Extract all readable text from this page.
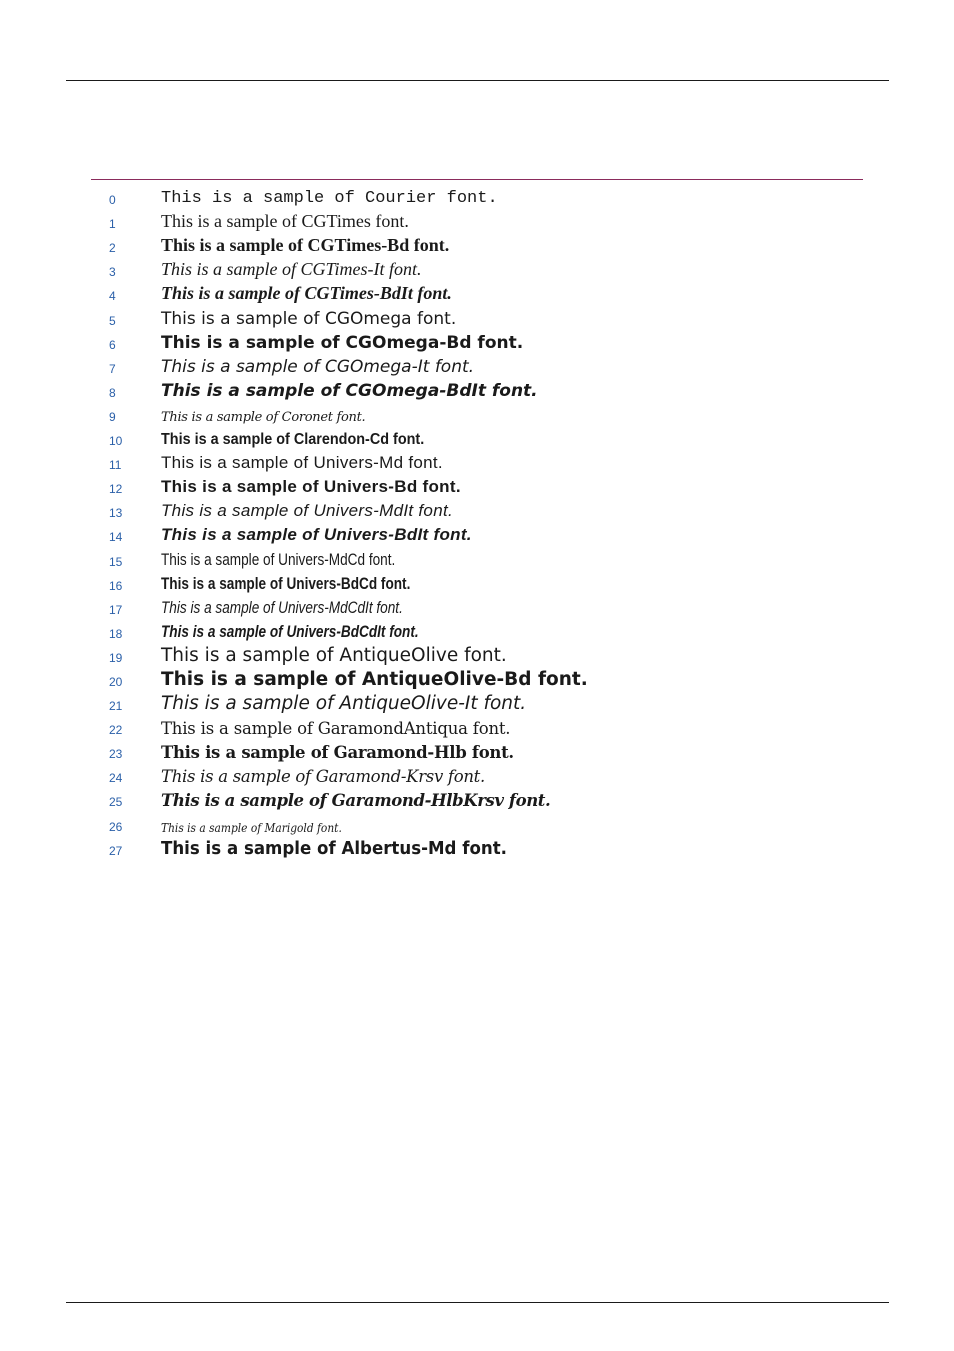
0	This is a sample of Courier font.
1	This is a sample of CGTimes font.
2	This is a sample of CGTimes-Bd font.
3	This is a sample of CGTimes-It font.
4	This is a sample of CGTimes-BdIt font.
5	This is a sample of CGOmega font.
6	This is a sample of CGOmega-Bd font.
7	This is a sample of CGOmega-It font.
8	This is a sample of CGOmega-BdIt font.
9	This is a sample of Coronet font.
10 This is a sample of Clarendon-Cd font.
11 This is a sample of Univers-Md font.
12 This is a sample of Univers-Bd font.
13 This is a sample of Univers-MdIt font.
14 This is a sample of Univers-BdIt font.
15 This is a sample of Univers-MdCd font.
16 This is a sample of Univers-BdCd font.
17 This is a sample of Univers-MdCdIt font.
18 This is a sample of Univers-BdCdIt font.
19 This is a sample of AntiqueOlive font.
20 This is a sample of AntiqueOlive-Bd font.
21 This is a sample of AntiqueOlive-It font.
22 This is a sample of GaramondAntiqua font.
23 This is a sample of Garamond-Hlb font.
24 This is a sample of Garamond-Krsv font.
25 This is a sample of Garamond-HlbKrsv font.
26	This is a sample of Marigold font.
27 This is a sample of Albertus-Md font.
